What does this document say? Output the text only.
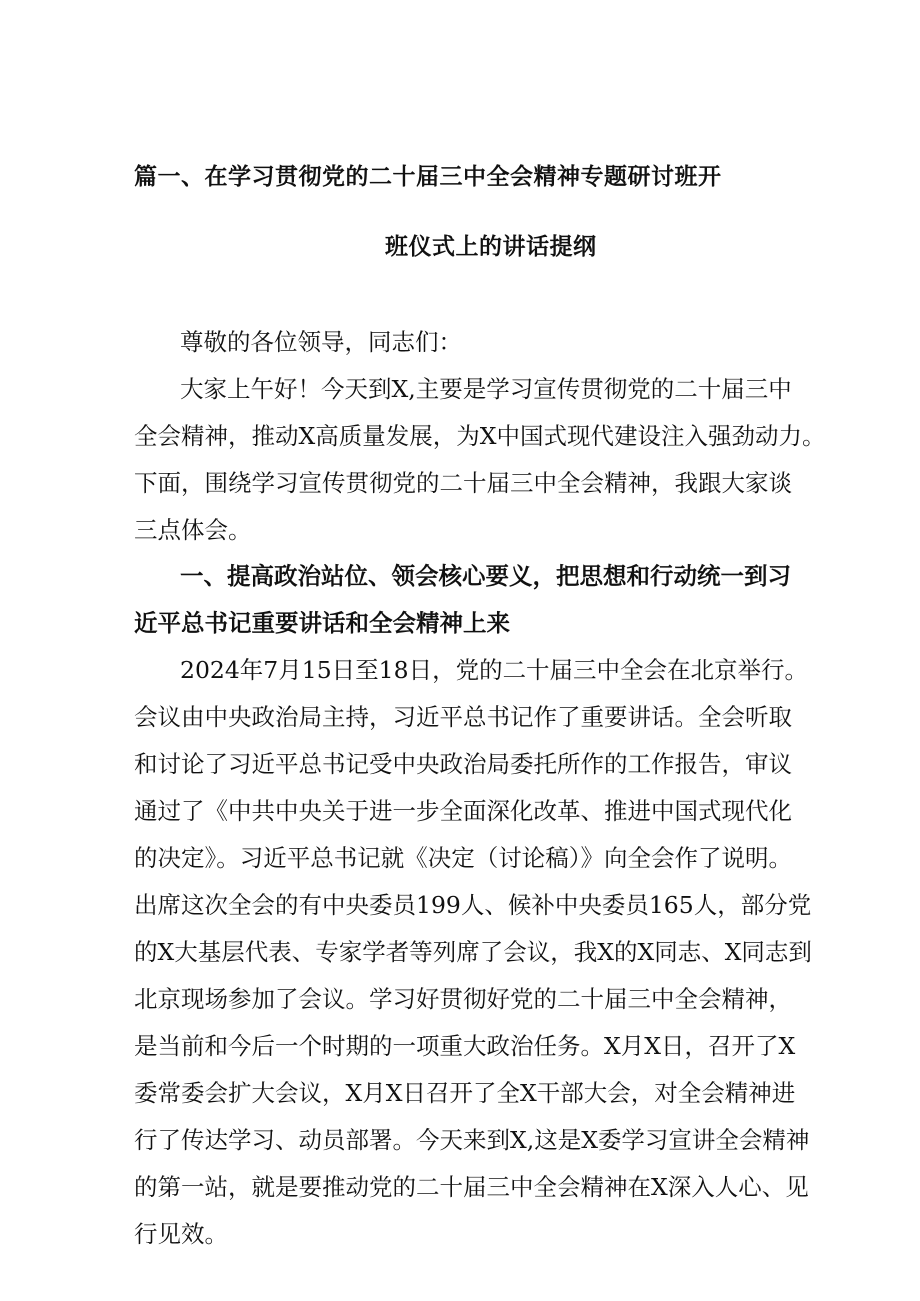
篇一、在学习贯彻党的二十届三中全会精神专题研讨班开
班仪式上的讲话提纲
尊敬的各位领导，同志们：
大家上午好！今天到X,主要是学习宣传贯彻党的二十届三中
全会精神，推动X高质量发展，为X中国式现代建设注入强劲动力。
下面，围绕学习宣传贯彻党的二十届三中全会精神，我跟大家谈
三点体会。
一、提高政治站位、领会核心要义，把思想和行动统一到习
近平总书记重要讲话和全会精神上来
2024年7月15日至18日，党的二十届三中全会在北京举行。
会议由中央政治局主持，习近平总书记作了重要讲话。全会听取
和讨论了习近平总书记受中央政治局委托所作的工作报告，审议
通过了《中共中央关于进一步全面深化改革、推进中国式现代化
的决定》。习近平总书记就《决定（讨论稿）》向全会作了说明。
出席这次全会的有中央委员199人、候补中央委员165人，部分党
的X大基层代表、专家学者等列席了会议，我X的X同志、X同志到
北京现场参加了会议。学习好贯彻好党的二十届三中全会精神，
是当前和今后一个时期的一项重大政治任务。X月X日，召开了X
委常委会扩大会议，X月X日召开了全X干部大会，对全会精神进
行了传达学习、动员部署。今天来到X,这是X委学习宣讲全会精神
的第一站，就是要推动党的二十届三中全会精神在X深入人心、见
行见效。
